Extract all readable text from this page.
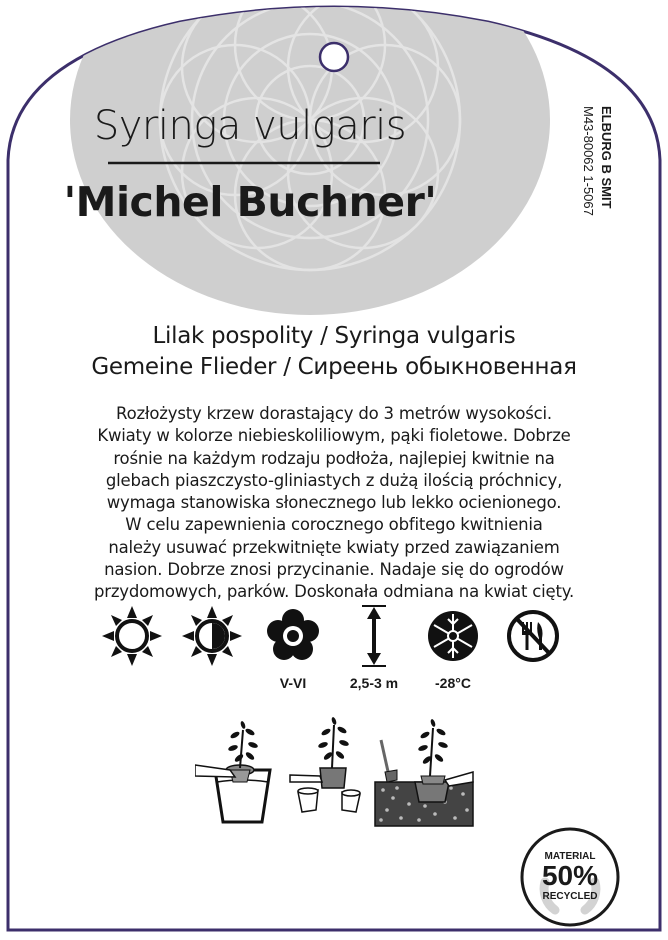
Syringa vulgaris
'Michel Buchner'	ELBURG B SMIT
M43-80062 1-5067
Lilak pospolity / Syringa vulgaris
Gemeine Flieder / Сиреень обыкновенная
Rozłożysty krzew dorastający do 3 metrów wysokości.
Kwiaty w kolorze niebieskoliliowym, pąki fioletowe. Dobrze
rośnie na każdym rodzaju podłoża, najlepiej kwitnie na
glebach piaszczysto-gliniastych z dużą ilością próchnicy,
wymaga stanowiska słonecznego lub lekko ocienionego.
W celu zapewnienia corocznego obfitego kwitnienia
należy usuwać przekwitnięte kwiaty przed zawiązaniem
nasion. Dobrze znosi przycinanie. Nadaje się do ogrodów
przydomowych, parków. Doskonała odmiana na kwiat cięty.
V-VI	2,5-3 m	-28°C
MATERIAL
50%
RECYCLED
